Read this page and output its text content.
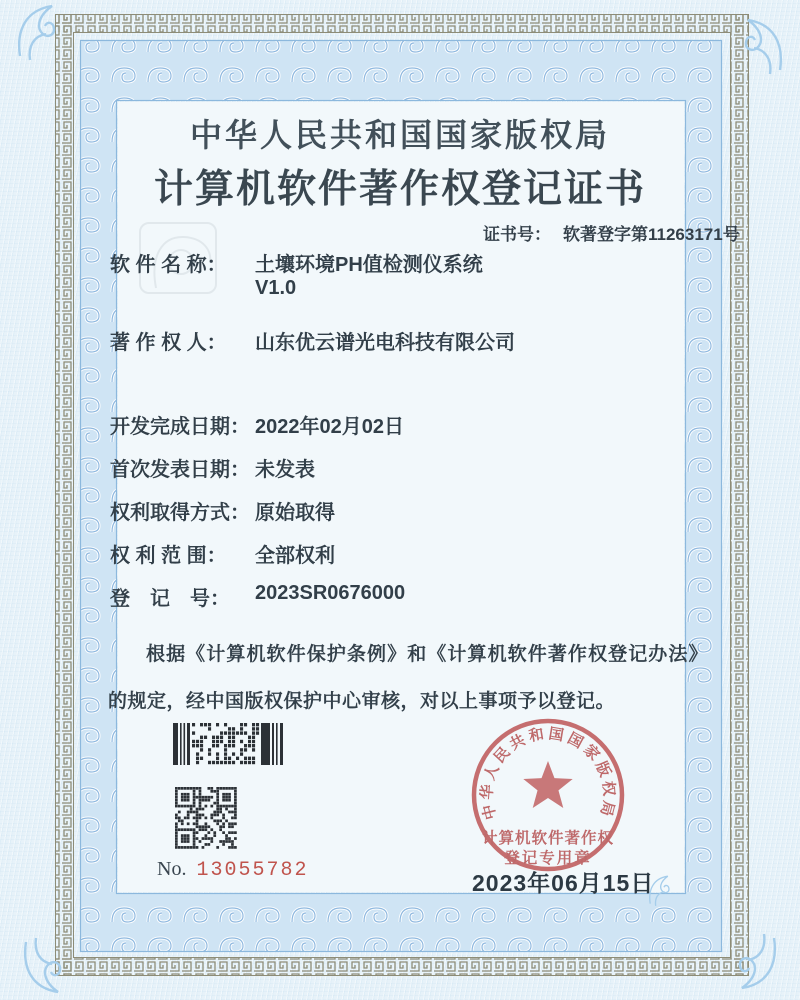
中华人民共和国国家版权局
计算机软件著作权登记证书
证书号： 软著登字第11263171号
软 件 名 称： 土壤环境PH值检测仪系统
V1.0
著 作 权 人： 山东优云谱光电科技有限公司
开发完成日期： 2022年02月02日
首次发表日期： 未发表
权利取得方式： 原始取得
权 利 范 围： 全部权利
登　记　号： 2023SR0676000
根据《计算机软件保护条例》和《计算机软件著作权登记办法》的规定，经中国版权保护中心审核，对以上事项予以登记。
No. 13055782	2023年06月15日
中华人民共和国国家版权局
计算机软件著作权
登记专用章
